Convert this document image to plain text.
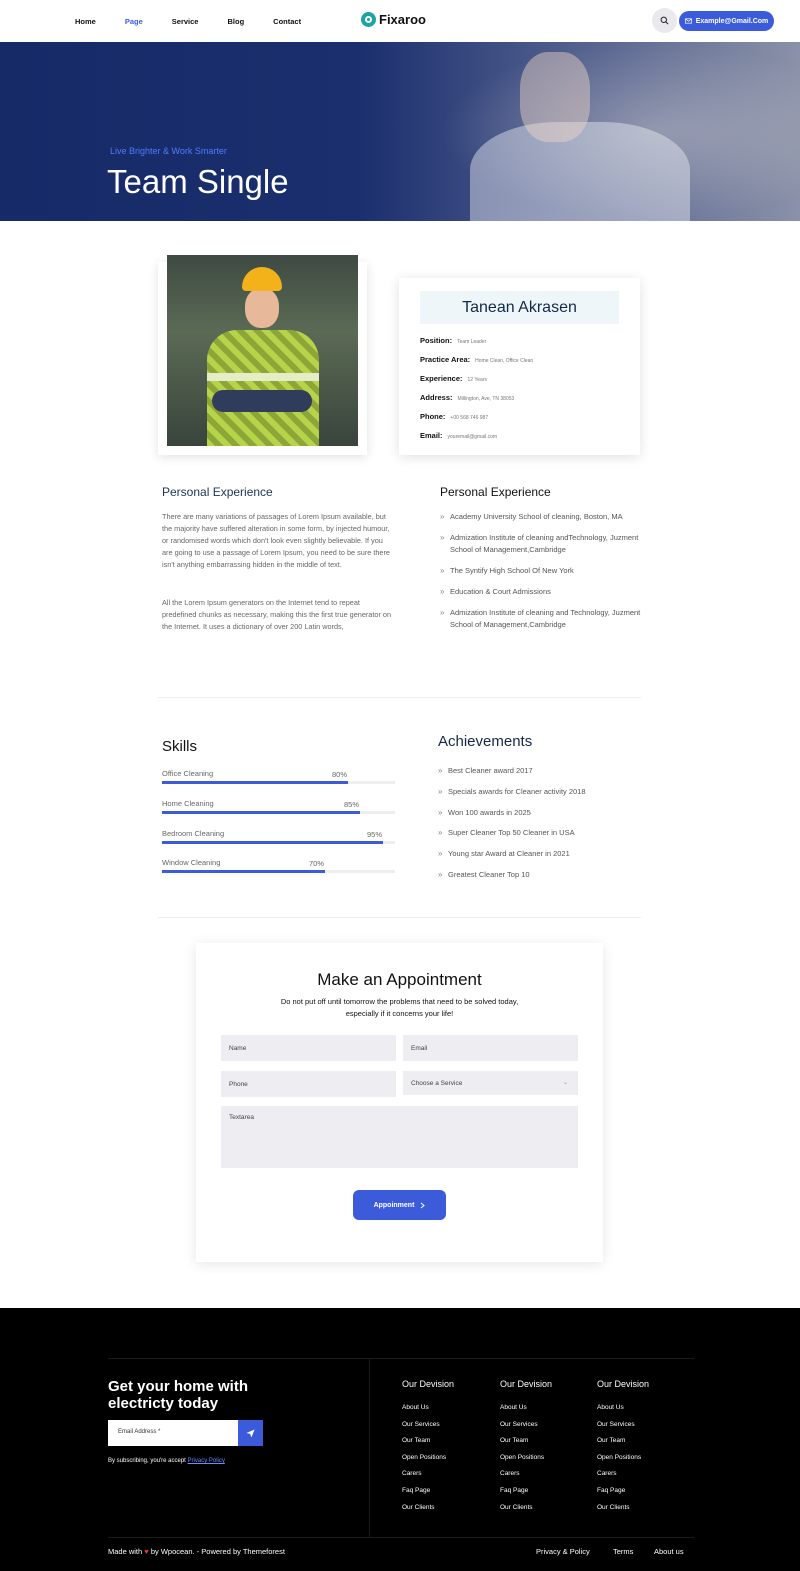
Home	Page	Service	Blog	Contact	Fixaroo	Example@Gmail.Com
Live Brighter & Work Smarter
Team Single
Tanean Akrasen
Position: Team Leader
Practice Area: Home Clean, Office Clean
Experience: 12 Years
Address: Millington, Ave, TN 38053
Phone: +00 568 746 987
Email: youremail@gmail.com
Personal Experience

There are many variations of passages of Lorem Ipsum available, but the majority have suffered alteration in some form, by injected humour, or randomised words which don't look even slightly believable. If you are going to use a passage of Lorem Ipsum, you need to be sure there isn't anything embarrassing hidden in the middle of text.

All the Lorem Ipsum generators on the Internet tend to repeat predefined chunks as necessary, making this the first true generator on the Internet. It uses a dictionary of over 200 Latin words,

Personal Experience
» Academy University School of cleaning, Boston, MA
» Admization Institute of cleaning andTechnology, Juzment School of Management,Cambridge
» The Syntify High School Of New York
» Education & Court Admissions
» Admization Institute of cleaning and Technology, Juzment School of Management,Cambridge
Skills
Office Cleaning	80%
Home Cleaning	85%
Bedroom Cleaning	95%
Window Cleaning	70%
Achievements
» Best Cleaner award 2017
» Specials awards for Cleaner activity 2018
» Won 100 awards in 2025
» Super Cleaner Top 50 Cleaner in USA
» Young star Award at Cleaner in 2021
» Greatest Cleaner Top 10
Make an Appointment

Do not put off until tomorrow the problems that need to be solved today, especially if it concerns your life!

Name	Email
Phone	Choose a Service	⌄
Textarea
Appoinment
Get your home with electricty today
Email Address *
By subscribing, you're accept Privacy Policy
Our Devision
About Us
Our Services
Our Team
Open Positions
Carers
Faq Page
Our Clients
Our Devision
About Us
Our Services
Our Team
Open Positions
Carers
Faq Page
Our Clients
Our Devision
About Us
Our Services
Our Team
Open Positions
Carers
Faq Page
Our Clients
Made with ♥ by Wpocean. - Powered by Themeforest	Privacy & Policy	Terms	About us
